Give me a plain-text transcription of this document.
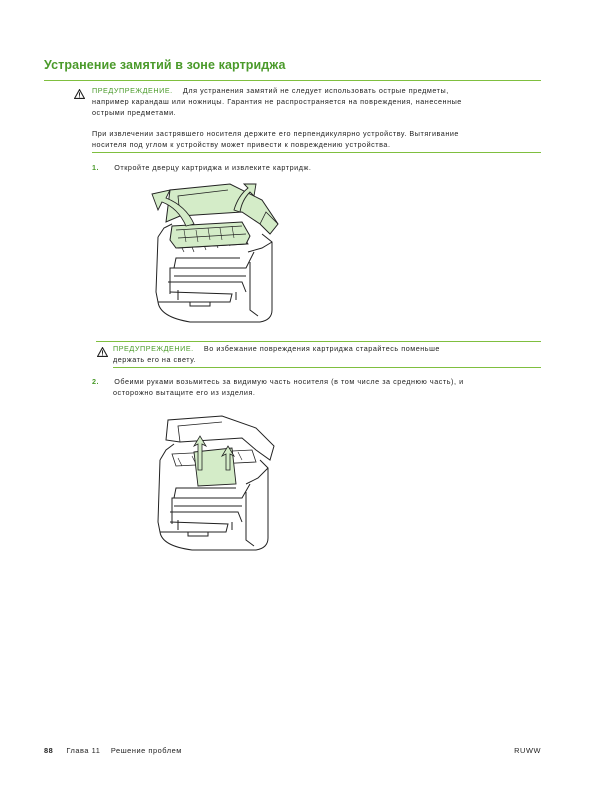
Устранение замятий в зоне картриджа
ПРЕДУПРЕЖДЕНИЕ. Для устранения замятий не следует использовать острые предметы,
например карандаш или ножницы. Гарантия не распространяется на повреждения, нанесенные
острыми предметами.
При извлечении застрявшего носителя держите его перпендикулярно устройству. Вытягивание
носителя под углом к устройству может привести к повреждению устройства.
1. Откройте дверцу картриджа и извлеките картридж.
ПРЕДУПРЕЖДЕНИЕ. Во избежание повреждения картриджа старайтесь поменьше
держать его на свету.
2. Обеими руками возьмитесь за видимую часть носителя (в том числе за среднюю часть), и
осторожно вытащите его из изделия.
88 Глава 11 Решение проблем	RUWW
